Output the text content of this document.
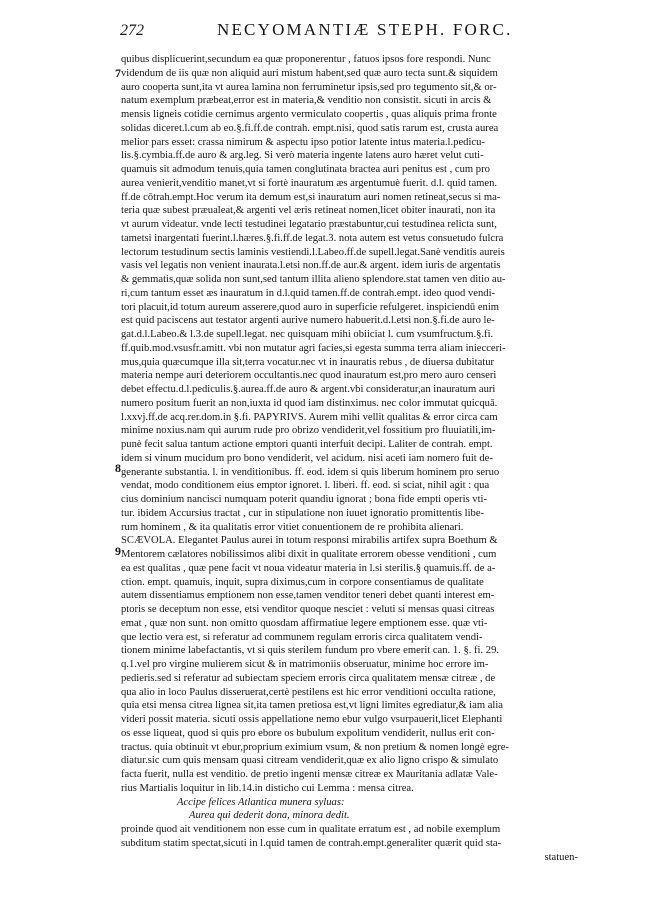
272	NECYOMANTIÆ STEPH. FORC.
7
8
9
quibus displicuerint,secundum ea quæ proponerentur , fatuos ipsos fore respondi. Nunc
videndum de iis quæ non aliquid auri mistum habent,sed quæ auro tecta sunt.& siquidem
auro cooperta sunt,ita vt aurea lamina non ferruminetur ipsis,sed pro tegumento sit,& or-
natum exemplum præbeat,error est in materia,& venditio non consistit. sicuti in arcis &
mensis ligneis cotidie cernimus argento vermiculato coopertis , quas aliquis prima fronte
solidas diceret.l.cum ab eo.§.fi.ff.de contrah. empt.nisi, quod satis rarum est, crusta aurea
melior pars esset: crassa nimirum & aspectu ipso potior latente intus materia.l.pedicu-
lis.§.cymbia.ff.de auro & arg.leg. Si verò materia ingente latens auro hæret velut cuti-
quamuis sit admodum tenuis,quia tamen conglutinata bractea auri penitus est , cum pro
aurea venierit,venditio manet,vt si fortè inauratum æs argentumuè fuerit. d.l. quid tamen.
ff.de cōtrah.empt.Hoc verum ita demum est,si inauratum auri nomen retineat,secus si ma-
teria quæ subest præualeat,& argenti vel æris retineat nomen,licet obiter inaurati, non ita
vt aurum videatur. vnde lecti testudinei legatario præstabuntur,cui testudinea relicta sunt,
tametsi inargentati fuerint.l.hæres.§.fi.ff.de legat.3. nota autem est vetus consuetudo fulcra
lectorum testudinum sectis laminis vestiendi.l.Labeo.ff.de supell.legat.Sanè venditis aureis
vasis vel legatis non venient inaurata.l.etsi non.ff.de aur.& argent. idem iuris de argentatis
& gemmatis,quæ solida non sunt,sed tantum illita alieno splendore.stat tamen ven ditio au-
ri,cum tantum esset æs inauratum in d.l.quid tamen.ff.de contrah.empt. ideo quod vendi-
tori placuit,id totum aureum asserere,quod auro in superficie refulgeret. inspiciendū enim
est quid paciscens aut testator argenti aurive numero habuerit.d.l.etsi non.§.fi.de auro le-
gat.d.l.Labeo.& l.3.de supell.legat. nec quisquam mihi obiiciat l. cum vsumfructum.§.fi.
ff.quib.mod.vsusfr.amitt. vbi non mutatur agri facies,si egesta summa terra aliam iniecceri-
mus,quia quæcumque illa sit,terra vocatur.nec vt in inauratis rebus , de diuersa dubitatur
materia nempe auri deteriorem occultantis.nec quod inauratum est,pro mero auro censeri
debet effectu.d.l.pediculis.§.aurea.ff.de auro & argent.vbi consideratur,an inauratum auri
numero positum fuerit an non,iuxta id quod iam distinximus. nec color immutat quicquā.
l.xxvj.ff.de acq.rer.dom.in §.fi. PAPYRIVS. Aurem mihi vellit qualitas & error circa cam
minime noxius.nam qui aurum rude pro obrizo vendiderit,vel fossitium pro fluuiatili,im-
punè fecit salua tantum actione emptori quanti interfuit decipi. Laliter de contrah. empt.
idem si vinum mucidum pro bono vendiderit, vel acidum. nisi aceti iam nomero fuit de-
generante substantia. l. in venditionibus. ff. eod. idem si quis liberum hominem pro seruo
vendat, modo conditionem eius emptor ignoret. l. liberi. ff. eod. si sciat, nihil agit : qua
cius dominium nancisci numquam poterit quandiu ignorat ; bona fide empti operis vti-
tur. ibidem Accursius tractat , cur in stipulatione non iuuet ignoratio promittentis libe-
rum hominem , & ita qualitatis error vitiet conuentionem de re prohibita alienari.
SCÆVOLA. Elegantet Paulus aurei in totum responsi mirabilis artifex supra Boethum &
Mentorem cælatores nobilissimos alibi dixit in qualitate errorem obesse venditioni , cum
ea est qualitas , quæ pene facit vt noua videatur materia in l.si sterilis.§ quamuis.ff. de a-
ction. empt. quamuis, inquit, supra diximus,cum in corpore consentiamus de qualitate
autem dissentiamus emptionem non esse,tamen venditor teneri debet quanti interest em-
ptoris se deceptum non esse, etsi venditor quoque nesciet : veluti si mensas quasi citreas
emat , quæ non sunt. non omitto quosdam affirmatiue legere emptionem esse. quæ vti-
que lectio vera est, si referatur ad communem regulam erroris circa qualitatem vendi-
tionem minime labefactantis, vt si quis sterilem fundum pro vbere emerit can. 1. §. fi. 29.
q.1.vel pro virgine mulierem sicut & in matrimoniis obseruatur, minime hoc errore im-
pedieris.sed si referatur ad subiectam speciem erroris circa qualitatem mensæ citreæ , de
qua alio in loco Paulus disseruerat,certè pestilens est hic error venditioni occulta ratione,
quia etsi mensa citrea lignea sit,ita tamen pretiosa est,vt ligni limites egrediatur,& iam alia
videri possit materia. sicuti ossis appellatione nemo ebur vulgo vsurpauerit,licet Elephanti
os esse liqueat, quod si quis pro ebore os bubulum expolitum vendiderit, nullus erit con-
tractus. quia obtinuit vt ebur,proprium eximium vsum, & non pretium & nomen longè egre-
diatur.sic cum quis mensam quasi citream vendiderit,quæ ex alio ligno crispo & simulato
facta fuerit, nulla est venditio. de pretio ingenti mensæ citreæ ex Mauritania adlatæ Vale-
rius Martialis loquitur in lib.14.in disticho cui Lemma : mensa citrea.
Accipe felices Atlantica munera syluas:
Aurea qui dederit dona, minora dedit.
proinde quod ait venditionem non esse cum in qualitate erratum est , ad nobile exemplum
subditum statim spectat,sicuti in l.quid tamen de contrah.empt.generaliter quærit quid sta-
statuen-
